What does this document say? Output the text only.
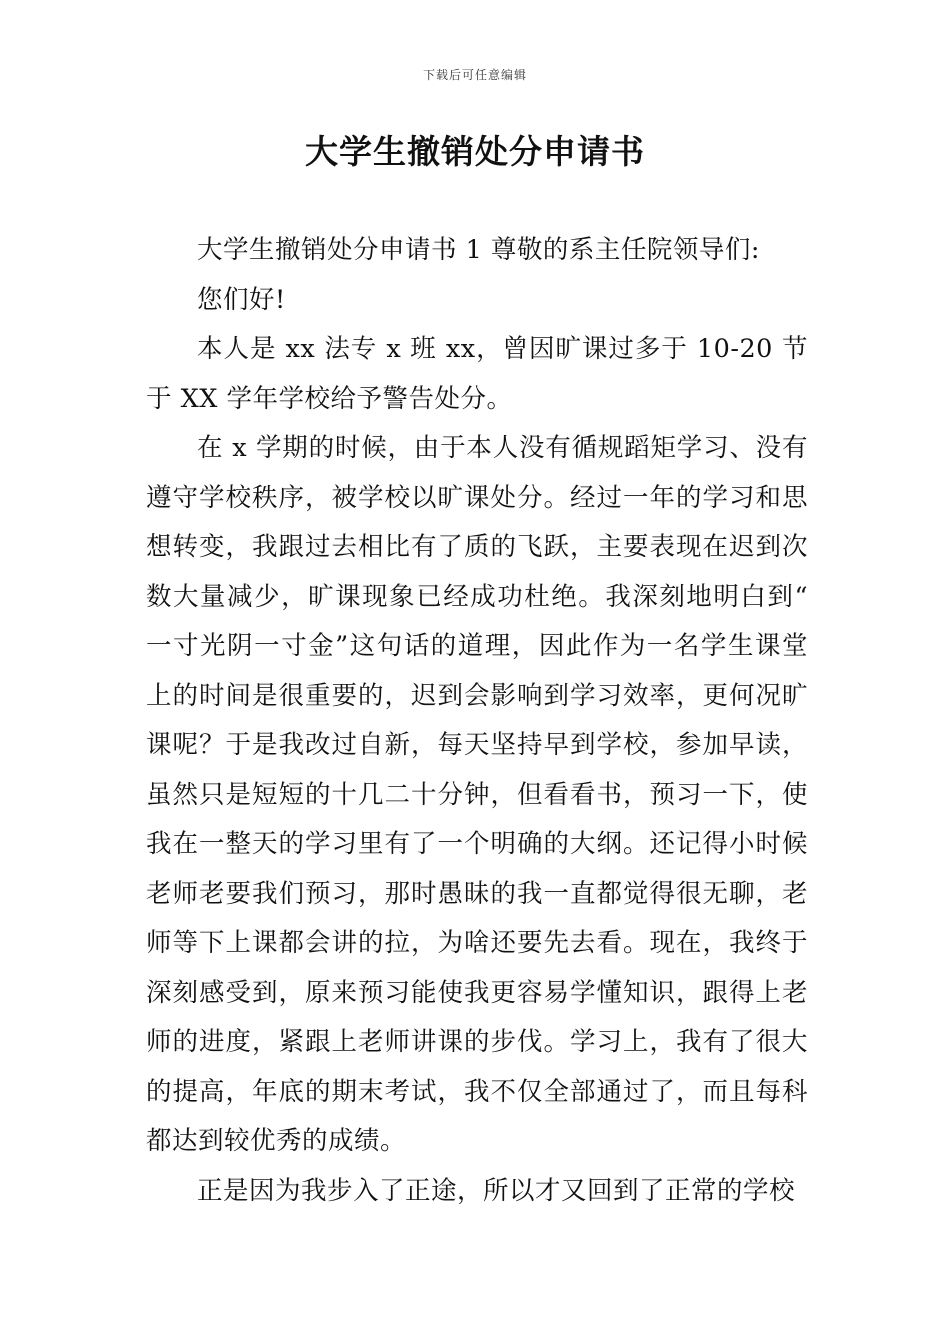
下载后可任意编辑
大学生撤销处分申请书

大学生撤销处分申请书 1 尊敬的系主任院领导们:

您们好!

本人是 xx 法专 x 班 xx，曾因旷课过多于 10-20 节于 XX 学年学校给予警告处分。

在 x 学期的时候，由于本人没有循规蹈矩学习、没有遵守学校秩序，被学校以旷课处分。经过一年的学习和思想转变，我跟过去相比有了质的飞跃，主要表现在迟到次数大量减少，旷课现象已经成功杜绝。我深刻地明白到“一寸光阴一寸金”这句话的道理，因此作为一名学生课堂上的时间是很重要的，迟到会影响到学习效率，更何况旷课呢？于是我改过自新，每天坚持早到学校，参加早读，虽然只是短短的十几二十分钟，但看看书，预习一下，使我在一整天的学习里有了一个明确的大纲。还记得小时候老师老要我们预习，那时愚昧的我一直都觉得很无聊，老师等下上课都会讲的拉，为啥还要先去看。现在，我终于深刻感受到，原来预习能使我更容易学懂知识，跟得上老师的进度，紧跟上老师讲课的步伐。学习上，我有了很大的提高，年底的期末考试，我不仅全部通过了，而且每科都达到较优秀的成绩。

正是因为我步入了正途，所以才又回到了正常的学校
